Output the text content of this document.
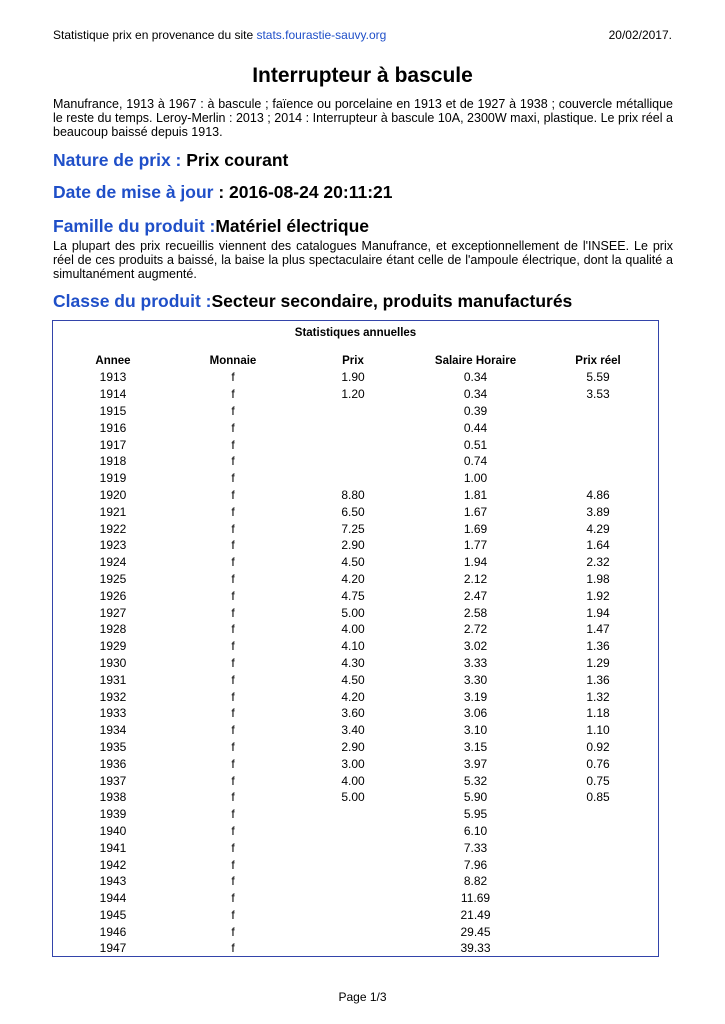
Statistique prix en provenance du site stats.fourastie-sauvy.org	20/02/2017.
Interrupteur à bascule
Manufrance, 1913 à 1967 : à bascule ; faïence ou porcelaine en 1913 et de 1927 à 1938 ; couvercle métallique le reste du temps. Leroy-Merlin : 2013 ; 2014 : Interrupteur à bascule 10A, 2300W maxi, plastique. Le prix réel a beaucoup baissé depuis 1913.
Nature de prix : Prix courant
Date de mise à jour : 2016-08-24 20:11:21
Famille du produit :Matériel électrique
La plupart des prix recueillis viennent des catalogues Manufrance, et exceptionnellement de l'INSEE. Le prix réel de ces produits a baissé, la baise la plus spectaculaire étant celle de l'ampoule électrique, dont la qualité a simultanément augmenté.
Classe du produit :Secteur secondaire, produits manufacturés
Statistiques annuelles
Annee	Monnaie	Prix	Salaire Horaire	Prix réel
1913	f	1.90	0.34	5.59
1914	f	1.20	0.34	3.53
1915	f		0.39	
1916	f		0.44	
1917	f		0.51	
1918	f		0.74	
1919	f		1.00	
1920	f	8.80	1.81	4.86
1921	f	6.50	1.67	3.89
1922	f	7.25	1.69	4.29
1923	f	2.90	1.77	1.64
1924	f	4.50	1.94	2.32
1925	f	4.20	2.12	1.98
1926	f	4.75	2.47	1.92
1927	f	5.00	2.58	1.94
1928	f	4.00	2.72	1.47
1929	f	4.10	3.02	1.36
1930	f	4.30	3.33	1.29
1931	f	4.50	3.30	1.36
1932	f	4.20	3.19	1.32
1933	f	3.60	3.06	1.18
1934	f	3.40	3.10	1.10
1935	f	2.90	3.15	0.92
1936	f	3.00	3.97	0.76
1937	f	4.00	5.32	0.75
1938	f	5.00	5.90	0.85
1939	f		5.95	
1940	f		6.10	
1941	f		7.33	
1942	f		7.96	
1943	f		8.82	
1944	f		11.69	
1945	f		21.49	
1946	f		29.45	
1947	f		39.33	
Page 1/3
